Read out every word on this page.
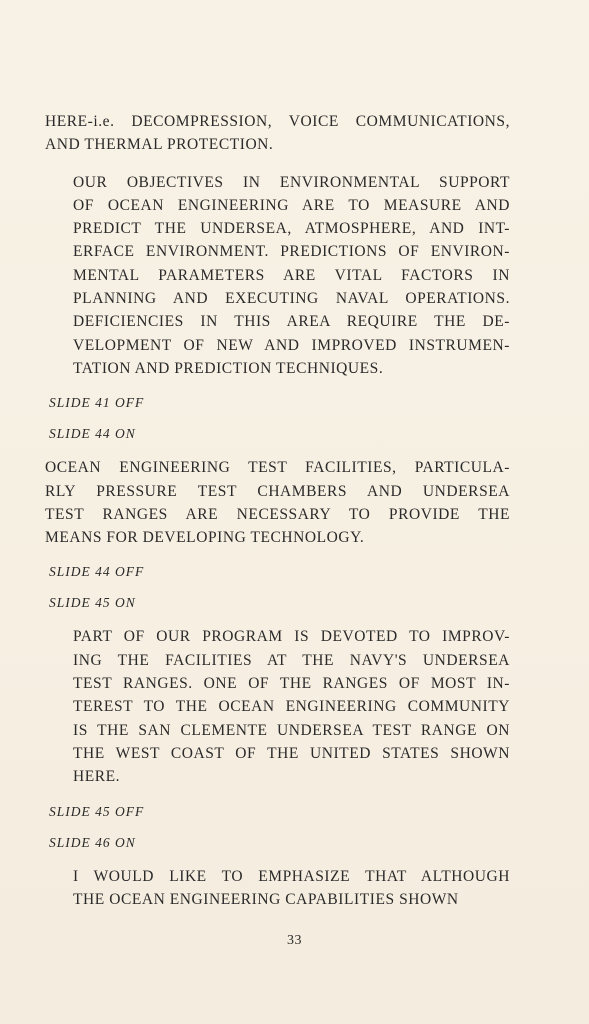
HERE-i.e. DECOMPRESSION, VOICE COMMUNICATIONS,
AND THERMAL PROTECTION.
OUR OBJECTIVES IN ENVIRONMENTAL SUPPORT
OF OCEAN ENGINEERING ARE TO MEASURE AND
PREDICT THE UNDERSEA, ATMOSPHERE, AND INT-
ERFACE ENVIRONMENT. PREDICTIONS OF ENVIRON-
MENTAL PARAMETERS ARE VITAL FACTORS IN
PLANNING AND EXECUTING NAVAL OPERATIONS.
DEFICIENCIES IN THIS AREA REQUIRE THE DE-
VELOPMENT OF NEW AND IMPROVED INSTRUMEN-
TATION AND PREDICTION TECHNIQUES.
SLIDE 41 OFF
SLIDE 44 ON
OCEAN ENGINEERING TEST FACILITIES, PARTICULA-
RLY PRESSURE TEST CHAMBERS AND UNDERSEA
TEST RANGES ARE NECESSARY TO PROVIDE THE
MEANS FOR DEVELOPING TECHNOLOGY.
SLIDE 44 OFF
SLIDE 45 ON
PART OF OUR PROGRAM IS DEVOTED TO IMPROV-
ING THE FACILITIES AT THE NAVY'S UNDERSEA
TEST RANGES. ONE OF THE RANGES OF MOST IN-
TEREST TO THE OCEAN ENGINEERING COMMUNITY
IS THE SAN CLEMENTE UNDERSEA TEST RANGE ON
THE WEST COAST OF THE UNITED STATES SHOWN
HERE.
SLIDE 45 OFF
SLIDE 46 ON
I WOULD LIKE TO EMPHASIZE THAT ALTHOUGH
THE OCEAN ENGINEERING CAPABILITIES SHOWN
33
